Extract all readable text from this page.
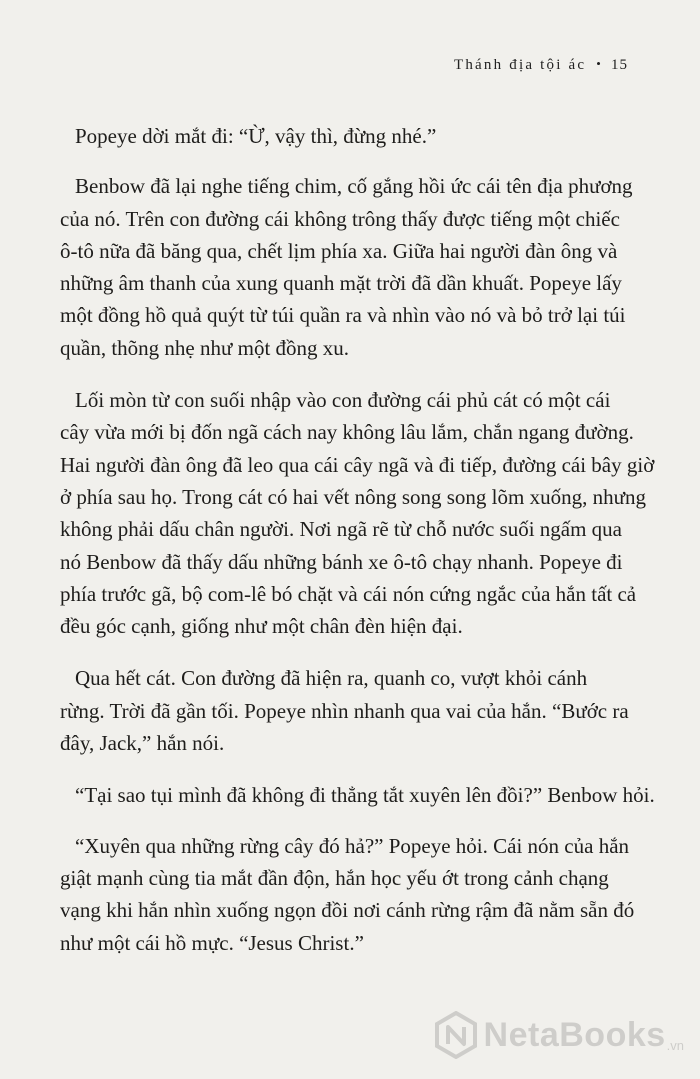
Thánh địa tội ác • 15

Popeye dời mắt đi: “Ừ, vậy thì, đừng nhé.”

Benbow đã lại nghe tiếng chim, cố gắng hồi ức cái tên địa phương
của nó. Trên con đường cái không trông thấy được tiếng một chiếc
ô-tô nữa đã băng qua, chết lịm phía xa. Giữa hai người đàn ông và
những âm thanh của xung quanh mặt trời đã dần khuất. Popeye lấy
một đồng hồ quả quýt từ túi quần ra và nhìn vào nó và bỏ trở lại túi
quần, thõng nhẹ như một đồng xu.

Lối mòn từ con suối nhập vào con đường cái phủ cát có một cái
cây vừa mới bị đốn ngã cách nay không lâu lắm, chắn ngang đường.
Hai người đàn ông đã leo qua cái cây ngã và đi tiếp, đường cái bây giờ
ở phía sau họ. Trong cát có hai vết nông song song lõm xuống, nhưng
không phải dấu chân người. Nơi ngã rẽ từ chỗ nước suối ngấm qua
nó Benbow đã thấy dấu những bánh xe ô-tô chạy nhanh. Popeye đi
phía trước gã, bộ com-lê bó chặt và cái nón cứng ngắc của hắn tất cả
đều góc cạnh, giống như một chân đèn hiện đại.

Qua hết cát. Con đường đã hiện ra, quanh co, vượt khỏi cánh
rừng. Trời đã gần tối. Popeye nhìn nhanh qua vai của hắn. “Bước ra
đây, Jack,” hắn nói.

“Tại sao tụi mình đã không đi thẳng tắt xuyên lên đồi?” Benbow hỏi.

“Xuyên qua những rừng cây đó hả?” Popeye hỏi. Cái nón của hắn
giật mạnh cùng tia mắt đần độn, hắn học yếu ớt trong cảnh chạng
vạng khi hắn nhìn xuống ngọn đồi nơi cánh rừng rậm đã nằm sẵn đó
như một cái hồ mực. “Jesus Christ.”

NetaBooks .vn
